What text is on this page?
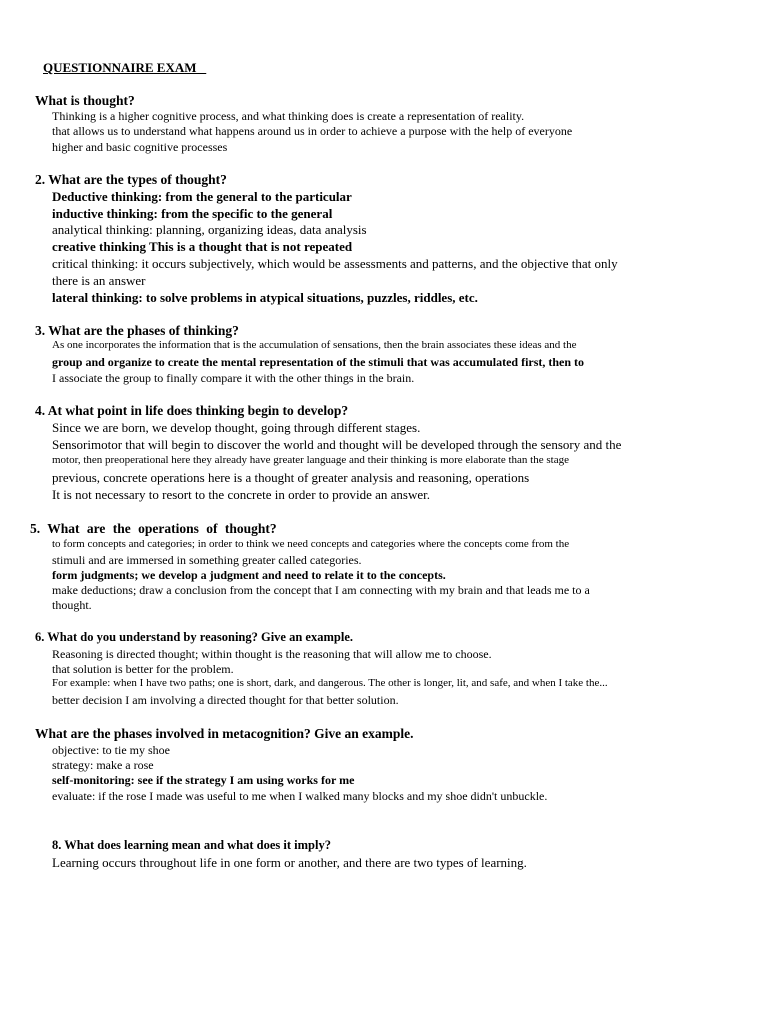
QUESTIONNAIRE EXAM
What is thought?
Thinking is a higher cognitive process, and what thinking does is create a representation of reality.
that allows us to understand what happens around us in order to achieve a purpose with the help of everyone
higher and basic cognitive processes
2. What are the types of thought?
Deductive thinking: from the general to the particular
inductive thinking: from the specific to the general
analytical thinking: planning, organizing ideas, data analysis
creative thinking This is a thought that is not repeated
critical thinking: it occurs subjectively, which would be assessments and patterns, and the objective that only
there is an answer
lateral thinking: to solve problems in atypical situations, puzzles, riddles, etc.
3. What are the phases of thinking?
As one incorporates the information that is the accumulation of sensations, then the brain associates these ideas and the
group and organize to create the mental representation of the stimuli that was accumulated first, then to
I associate the group to finally compare it with the other things in the brain.
4. At what point in life does thinking begin to develop?
Since we are born, we develop thought, going through different stages.
Sensorimotor that will begin to discover the world and thought will be developed through the sensory and the
motor, then preoperational here they already have greater language and their thinking is more elaborate than the stage
previous, concrete operations here is a thought of greater analysis and reasoning, operations
It is not necessary to resort to the concrete in order to provide an answer.
5. What are the operations of thought?
to form concepts and categories; in order to think we need concepts and categories where the concepts come from the
stimuli and are immersed in something greater called categories.
form judgments; we develop a judgment and need to relate it to the concepts.
make deductions; draw a conclusion from the concept that I am connecting with my brain and that leads me to a
thought.
6. What do you understand by reasoning? Give an example.
Reasoning is directed thought; within thought is the reasoning that will allow me to choose.
that solution is better for the problem.
For example: when I have two paths; one is short, dark, and dangerous. The other is longer, lit, and safe, and when I take the...
better decision I am involving a directed thought for that better solution.
What are the phases involved in metacognition? Give an example.
objective: to tie my shoe
strategy: make a rose
self-monitoring: see if the strategy I am using works for me
evaluate: if the rose I made was useful to me when I walked many blocks and my shoe didn't unbuckle.
8. What does learning mean and what does it imply?
Learning occurs throughout life in one form or another, and there are two types of learning.
